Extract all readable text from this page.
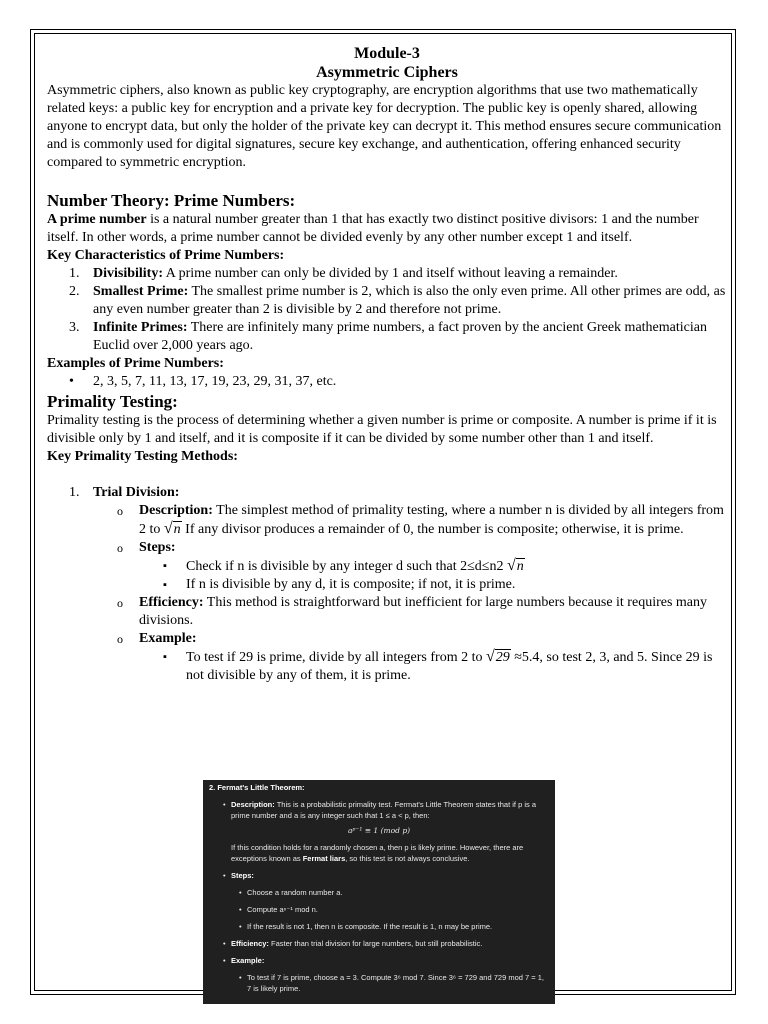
Module-3
Asymmetric Ciphers

Asymmetric ciphers, also known as public key cryptography, are encryption algorithms that use two mathematically related keys: a public key for encryption and a private key for decryption. The public key is openly shared, allowing anyone to encrypt data, but only the holder of the private key can decrypt it. This method ensures secure communication and is commonly used for digital signatures, secure key exchange, and authentication, offering enhanced security compared to symmetric encryption.

Number Theory: Prime Numbers:

A prime number is a natural number greater than 1 that has exactly two distinct positive divisors: 1 and the number itself. In other words, a prime number cannot be divided evenly by any other number except 1 and itself.

Key Characteristics of Prime Numbers:

1. Divisibility: A prime number can only be divided by 1 and itself without leaving a remainder.
2. Smallest Prime: The smallest prime number is 2, which is also the only even prime. All other primes are odd, as any even number greater than 2 is divisible by 2 and therefore not prime.
3. Infinite Primes: There are infinitely many prime numbers, a fact proven by the ancient Greek mathematician Euclid over 2,000 years ago.

Examples of Prime Numbers:

• 2, 3, 5, 7, 11, 13, 17, 19, 23, 29, 31, 37, etc.
Primality Testing:

Primality testing is the process of determining whether a given number is prime or composite. A number is prime if it is divisible only by 1 and itself, and it is composite if it can be divided by some number other than 1 and itself.

Key Primality Testing Methods:

1. Trial Division:
o Description: The simplest method of primality testing, where a number n is divided by all integers from 2 to √n If any divisor produces a remainder of 0, the number is composite; otherwise, it is prime.
o Steps:
▪ Check if n is divisible by any integer d such that 2≤d≤n2 √n
▪ If n is divisible by any d, it is composite; if not, it is prime.
o Efficiency: This method is straightforward but inefficient for large numbers because it requires many divisions.
o Example:
▪ To test if 29 is prime, divide by all integers from 2 to √29 ≈5.4, so test 2, 3, and 5. Since 29 is not divisible by any of them, it is prime.
2. Fermat's Little Theorem:
• Description: This is a probabilistic primality test. Fermat's Little Theorem states that if p is a prime number and a is any integer such that 1 ≤ a < p, then:
aᵖ⁻¹ ≡ 1 (mod p)
If this condition holds for a randomly chosen a, then p is likely prime. However, there are exceptions known as Fermat liars, so this test is not always conclusive.
• Steps:
• Choose a random number a.
• Compute aⁿ⁻¹ mod n.
• If the result is not 1, then n is composite. If the result is 1, n may be prime.
• Efficiency: Faster than trial division for large numbers, but still probabilistic.
• Example:
• To test if 7 is prime, choose a = 3. Compute 3⁶ mod 7. Since 3⁶ = 729 and 729 mod 7 = 1, 7 is likely prime.
